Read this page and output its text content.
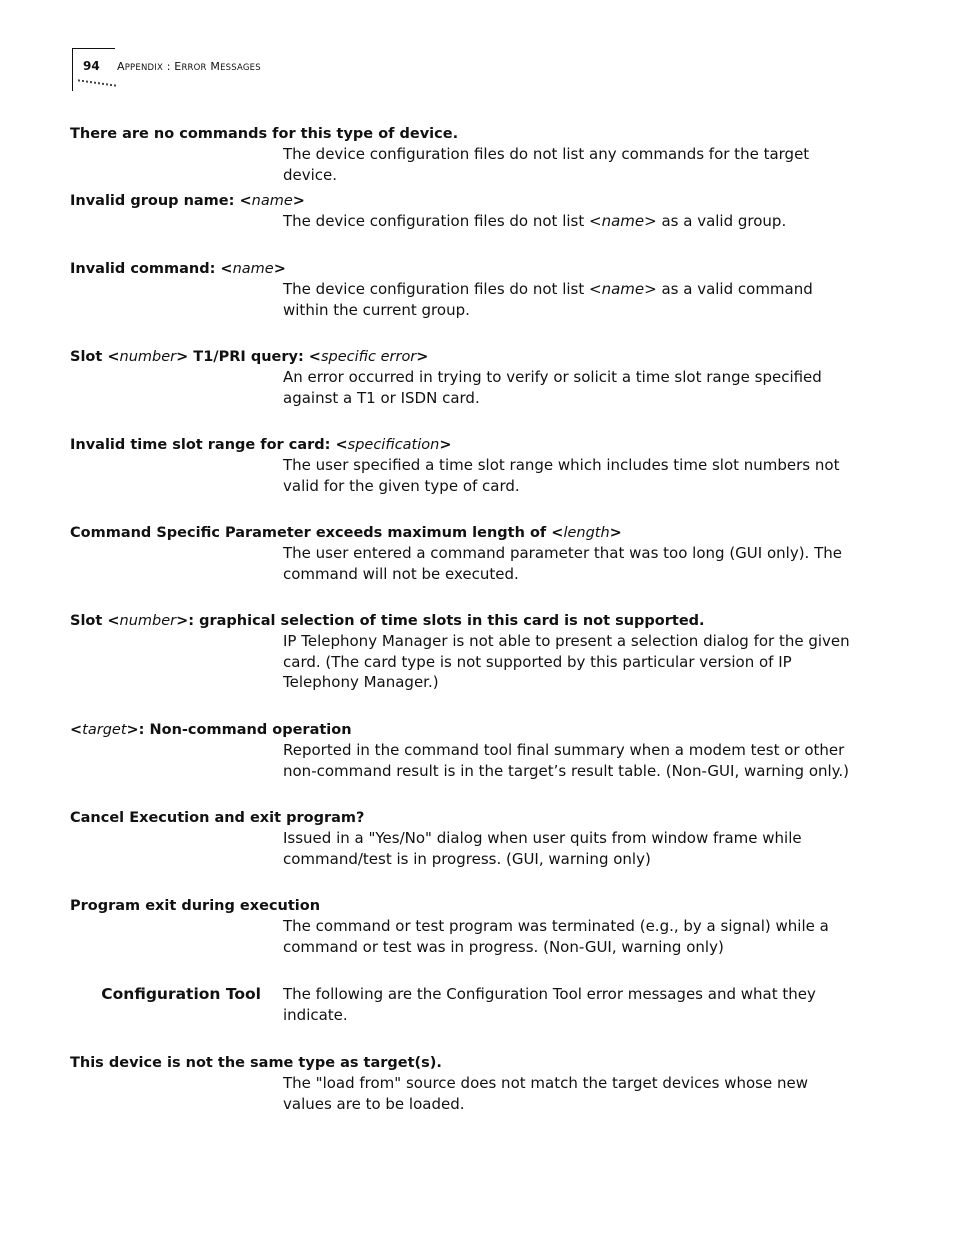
94 APPENDIX : ERROR MESSAGES
There are no commands for this type of device.
The device configuration files do not list any commands for the target device.
Invalid group name: <name>
The device configuration files do not list <name> as a valid group.
Invalid command: <name>
The device configuration files do not list <name> as a valid command within the current group.
Slot <number> T1/PRI query: <specific error>
An error occurred in trying to verify or solicit a time slot range specified against a T1 or ISDN card.
Invalid time slot range for card: <specification>
The user specified a time slot range which includes time slot numbers not valid for the given type of card.
Command Specific Parameter exceeds maximum length of <length>
The user entered a command parameter that was too long (GUI only). The command will not be executed.
Slot <number>: graphical selection of time slots in this card is not supported.
IP Telephony Manager is not able to present a selection dialog for the given card. (The card type is not supported by this particular version of IP Telephony Manager.)
<target>: Non-command operation
Reported in the command tool final summary when a modem test or other non-command result is in the target’s result table. (Non-GUI, warning only.)
Cancel Execution and exit program?
Issued in a "Yes/No" dialog when user quits from window frame while command/test is in progress. (GUI, warning only)
Program exit during execution
The command or test program was terminated (e.g., by a signal) while a command or test was in progress. (Non-GUI, warning only)
Configuration Tool The following are the Configuration Tool error messages and what they indicate.
This device is not the same type as target(s).
The "load from" source does not match the target devices whose new values are to be loaded.
